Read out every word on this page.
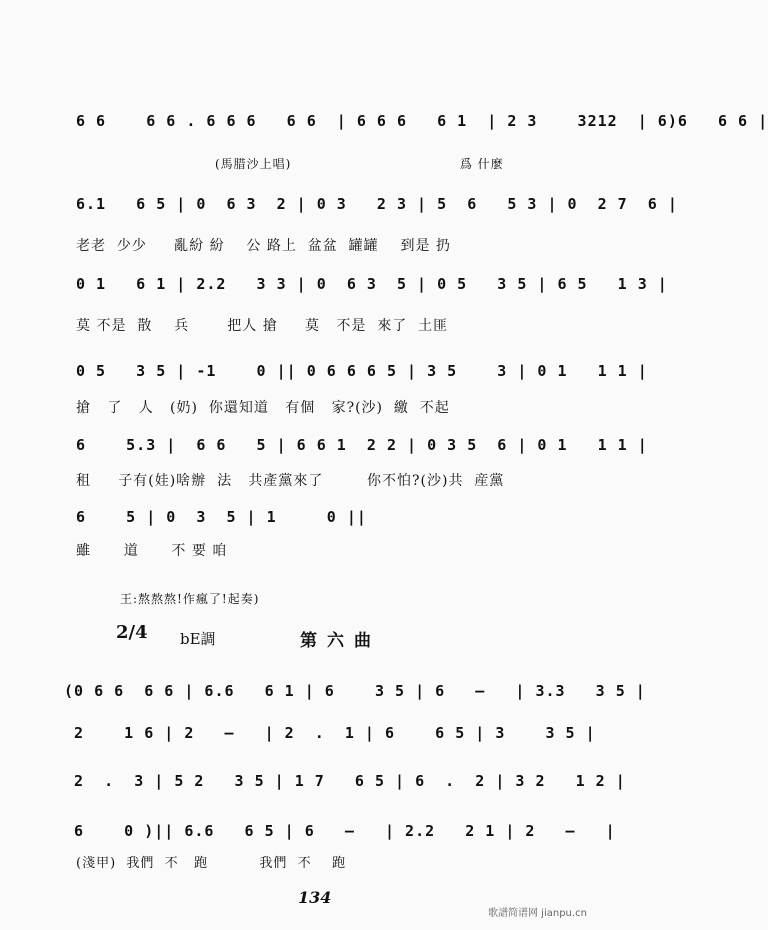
6 6    6 6 . 6 6 6   6 6  | 6 6 6   6 1  | 2 3    3212  | 6)6   6 6 |
(馬腊沙上唱)                                   爲 什麼
6.1   6 5 | 0  6 3  2 | 0 3   2 3 | 5  6   5 3 | 0  2 7  6 |
老老  少少     亂紛 紛    公 路上  盆盆  罐罐    到是 扔
0 1   6 1 | 2.2   3 3 | 0  6 3  5 | 0 5   3 5 | 6 5   1 3 |
莫 不是  散    兵       把人 搶     莫   不是  來了  土匪
0 5   3 5 | -1    0 || 0 6 6 6 5 | 3 5    3 | 0 1   1 1 |
搶   了   人   (奶)  你還知道   有個   家?(沙)  繳  不起
6    5.3 |  6 6   5 | 6 6 1  2 2 | 0 3 5  6 | 0 1   1 1 |
租     子有(娃)啥辦  法   共產黨來了        你不怕?(沙)共  産黨
6    5 | 0  3  5 | 1     0 ||
雖      道      不 要 咱
王:熬熬熬!作瘋了!起奏)
2/4 bE調	第六曲
(0 6 6  6 6 | 6.6   6 1 | 6    3 5 | 6   —   | 3.3   3 5 |
2    1 6 | 2   —   | 2  .  1 | 6    6 5 | 3    3 5 |
2  .  3 | 5 2   3 5 | 1 7   6 5 | 6  .  2 | 3 2   1 2 |
6    0 )|| 6.6   6 5 | 6   —   | 2.2   2 1 | 2   —   |
(淺甲)  我們  不   跑          我們  不    跑
134
歌譜简谱网 jianpu.cn
